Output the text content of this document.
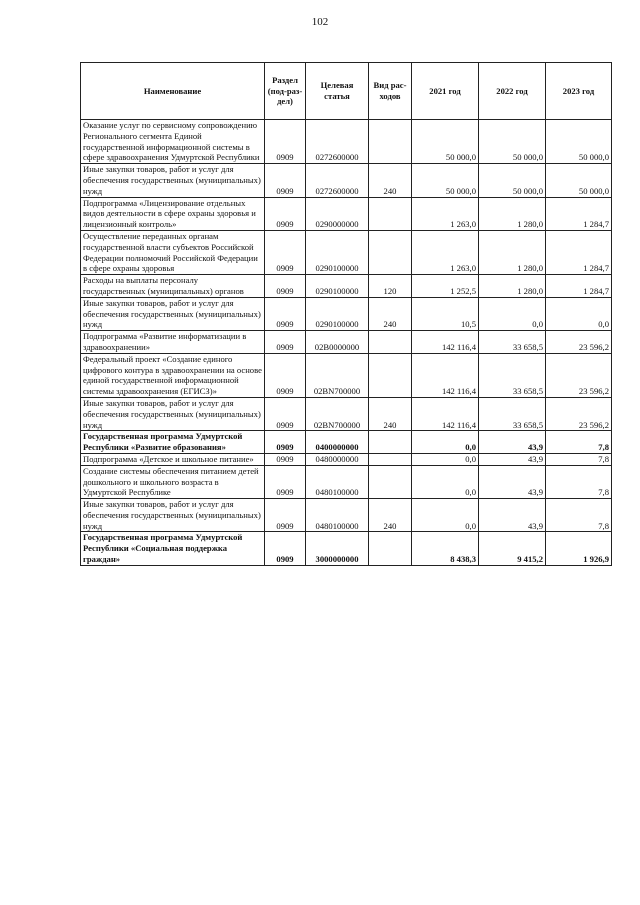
102
Наименование	Раздел (под-раз-дел)	Целевая статья	Вид рас-ходов	2021 год	2022 год	2023 год
Оказание услуг по сервисному сопровождению Регионального сегмента Единой государственной информационной системы в сфере здравоохранения Удмуртской Республики	0909	0272600000		50 000,0	50 000,0	50 000,0
Иные закупки товаров, работ и услуг для обеспечения государственных (муниципальных) нужд	0909	0272600000	240	50 000,0	50 000,0	50 000,0
Подпрограмма «Лицензирование отдельных видов деятельности в сфере охраны здоровья и лицензионный контроль»	0909	0290000000		1 263,0	1 280,0	1 284,7
Осуществление переданных органам государственной власти субъектов Российской Федерации полномочий Российской Федерации в сфере охраны здоровья	0909	0290100000		1 263,0	1 280,0	1 284,7
Расходы на выплаты персоналу государственных (муниципальных) органов	0909	0290100000	120	1 252,5	1 280,0	1 284,7
Иные закупки товаров, работ и услуг для обеспечения государственных (муниципальных) нужд	0909	0290100000	240	10,5	0,0	0,0
Подпрограмма «Развитие информатизации в здравоохранении»	0909	02В0000000		142 116,4	33 658,5	23 596,2
Федеральный проект «Создание единого цифрового контура в здравоохранении на основе единой государственной информационной системы здравоохранения (ЕГИСЗ)»	0909	02ВN700000		142 116,4	33 658,5	23 596,2
Иные закупки товаров, работ и услуг для обеспечения государственных (муниципальных) нужд	0909	02ВN700000	240	142 116,4	33 658,5	23 596,2
Государственная программа Удмуртской Республики «Развитие образования»	0909	0400000000		0,0	43,9	7,8
Подпрограмма «Детское и школьное питание»	0909	0480000000		0,0	43,9	7,8
Создание системы обеспечения питанием детей дошкольного и школьного возраста в Удмуртской Республике	0909	0480100000		0,0	43,9	7,8
Иные закупки товаров, работ и услуг для обеспечения государственных (муниципальных) нужд	0909	0480100000	240	0,0	43,9	7,8
Государственная программа Удмуртской Республики «Социальная поддержка граждан»	0909	3000000000		8 438,3	9 415,2	1 926,9
